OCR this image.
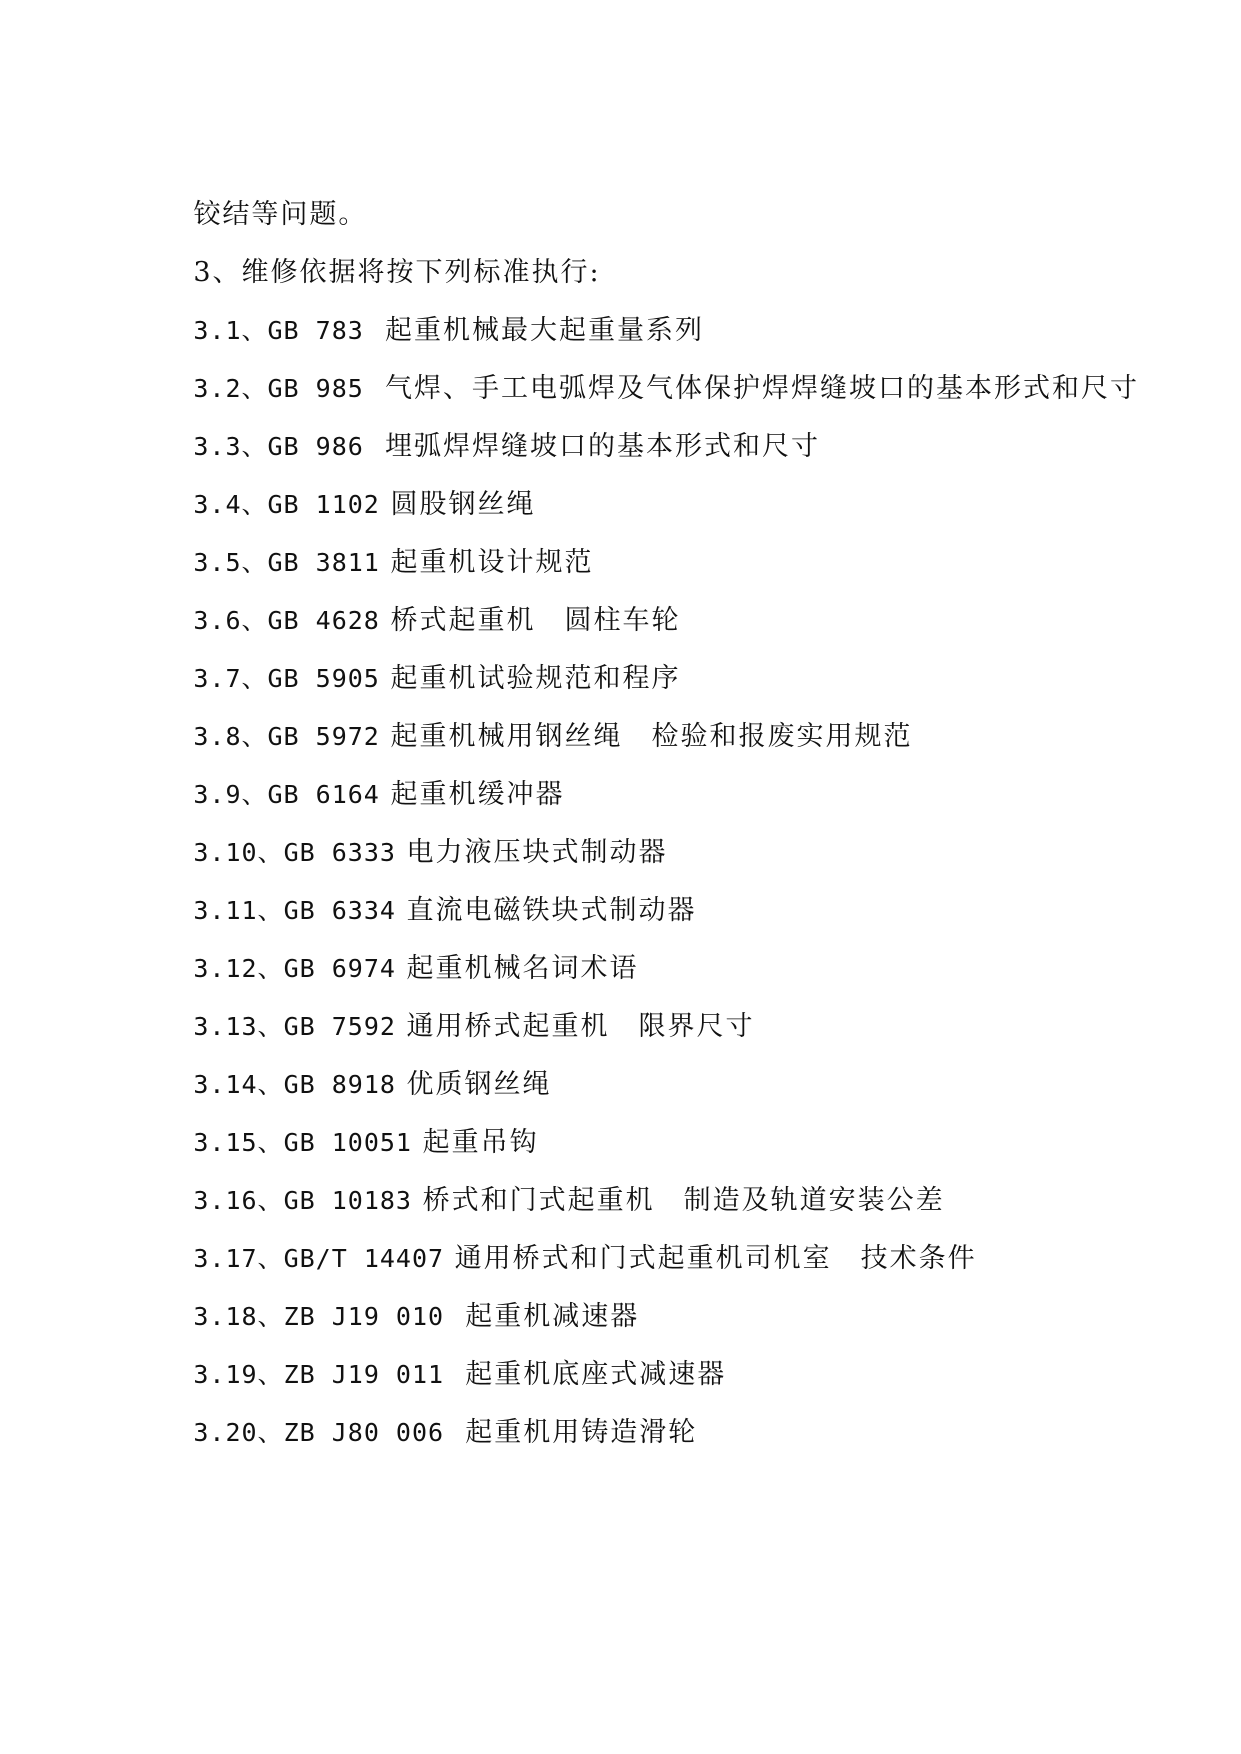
铰结等问题。

3、维修依据将按下列标准执行:

3.1、GB 783 起重机械最大起重量系列

3.2、GB 985 气焊、手工电弧焊及气体保护焊焊缝坡口的基本形式和尺寸

3.3、GB 986 埋弧焊焊缝坡口的基本形式和尺寸

3.4、GB 1102 圆股钢丝绳

3.5、GB 3811 起重机设计规范

3.6、GB 4628 桥式起重机　圆柱车轮

3.7、GB 5905 起重机试验规范和程序

3.8、GB 5972 起重机械用钢丝绳　检验和报废实用规范

3.9、GB 6164 起重机缓冲器

3.10、GB 6333 电力液压块式制动器

3.11、GB 6334 直流电磁铁块式制动器

3.12、GB 6974 起重机械名词术语

3.13、GB 7592 通用桥式起重机　限界尺寸

3.14、GB 8918 优质钢丝绳

3.15、GB 10051 起重吊钩

3.16、GB 10183 桥式和门式起重机　制造及轨道安装公差

3.17、GB/T 14407 通用桥式和门式起重机司机室　技术条件

3.18、ZB J19 010 起重机减速器

3.19、ZB J19 011 起重机底座式减速器

3.20、ZB J80 006 起重机用铸造滑轮
